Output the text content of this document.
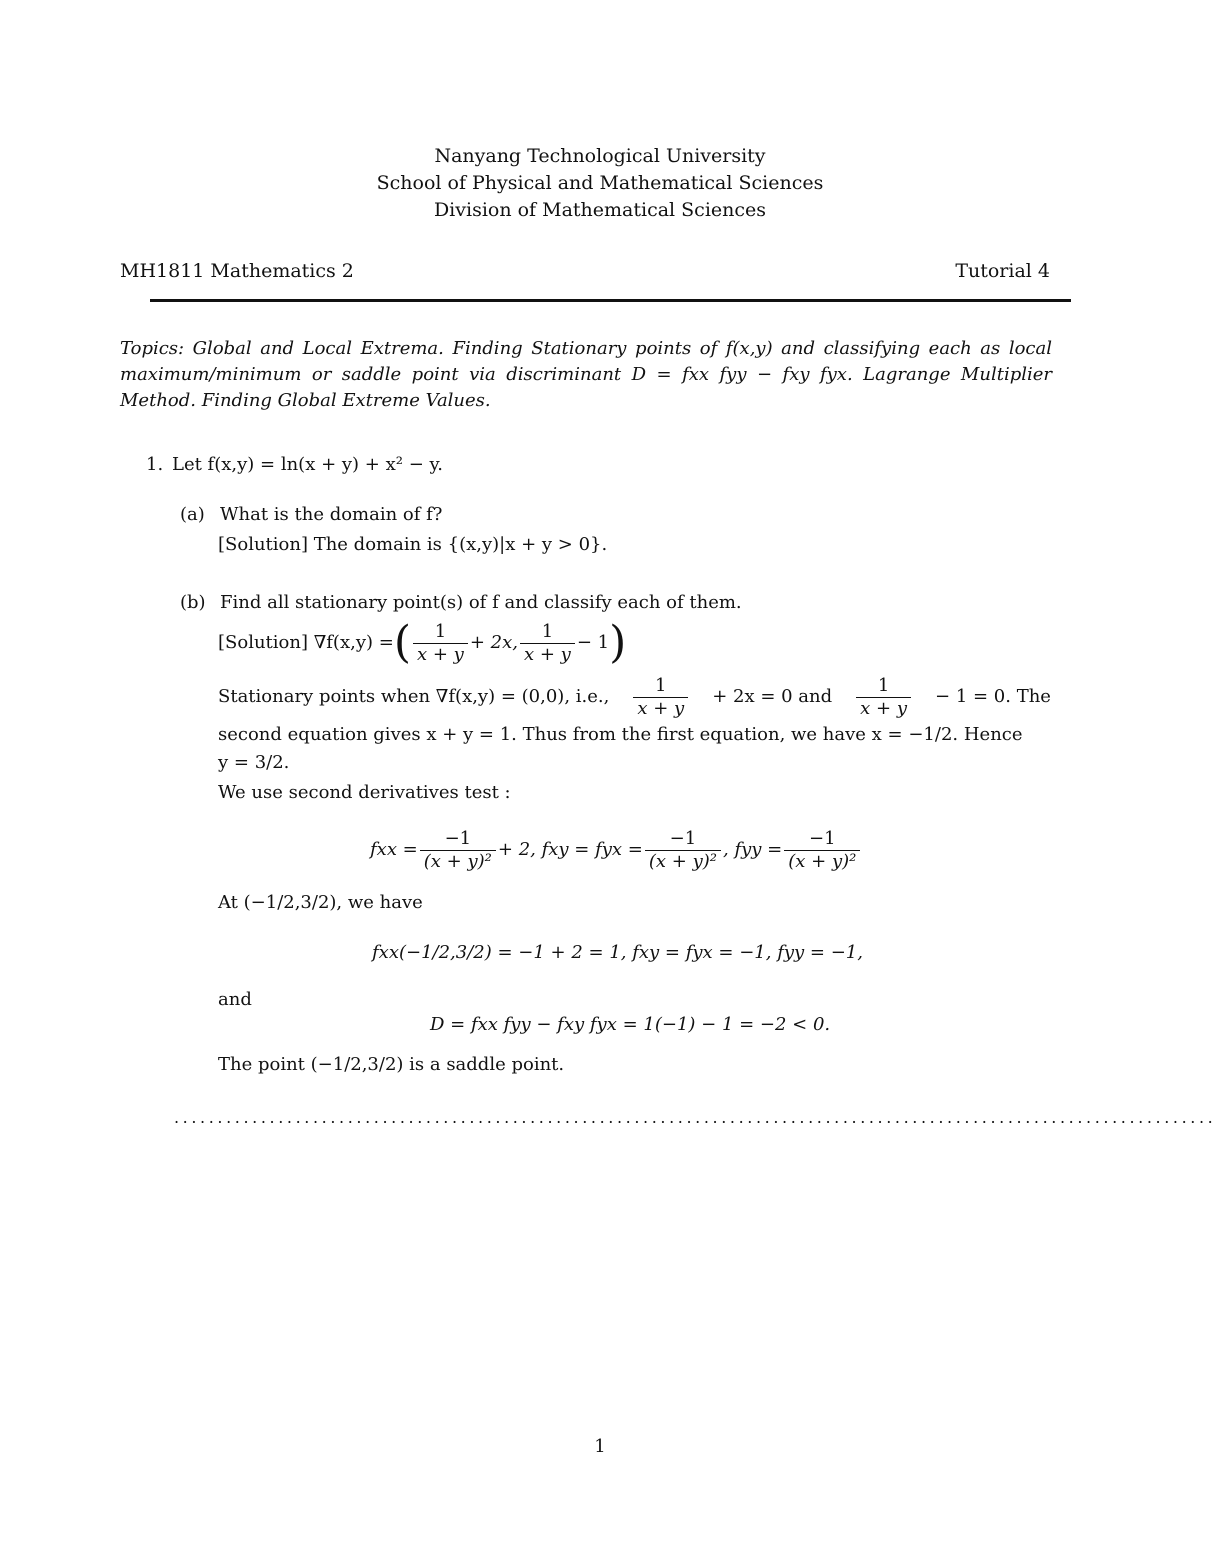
Nanyang Technological University
School of Physical and Mathematical Sciences
Division of Mathematical Sciences
MH1811 Mathematics 2	Tutorial 4
Topics: Global and Local Extrema. Finding Stationary points of f(x,y) and classifying each as local maximum/minimum or saddle point via discriminant D = fxx fyy − fxy fyx. Lagrange Multiplier Method. Finding Global Extreme Values.
1. Let f(x,y) = ln(x + y) + x² − y.
(a) What is the domain of f?
[Solution] The domain is {(x,y)|x + y > 0}.
(b) Find all stationary point(s) of f and classify each of them.
[Solution] ∇f(x,y) = ( $\frac{1}{x + y} + 2x$, $\frac{1}{x + y} - 1$ )
Stationary points when ∇f(x,y) = (0,0), i.e., $\frac{1}{x + y} + 2x = 0$ and $\frac{1}{x + y} - 1 = 0$. The
second equation gives x + y = 1. Thus from the first equation, we have x = −1/2. Hence
y = 3/2.
We use second derivatives test :
fxx = $\frac{-1}{\text{(x + y)²}} + 2$, fxy = fyx = $\frac{-1}{\text{(x + y)²}}$ , fyy = $\frac{-1}{\text{(x + y)²}}$
At (−1/2,3/2), we have
fxx(−1/2,3/2) = −1 + 2 = 1, fxy = fyx = −1, fyy = −1,
and
D = fxx fyy − fxy fyx = 1(−1) − 1 = −2 < 0.
The point (−1/2,3/2) is a saddle point.
........................................................................................................................
1
